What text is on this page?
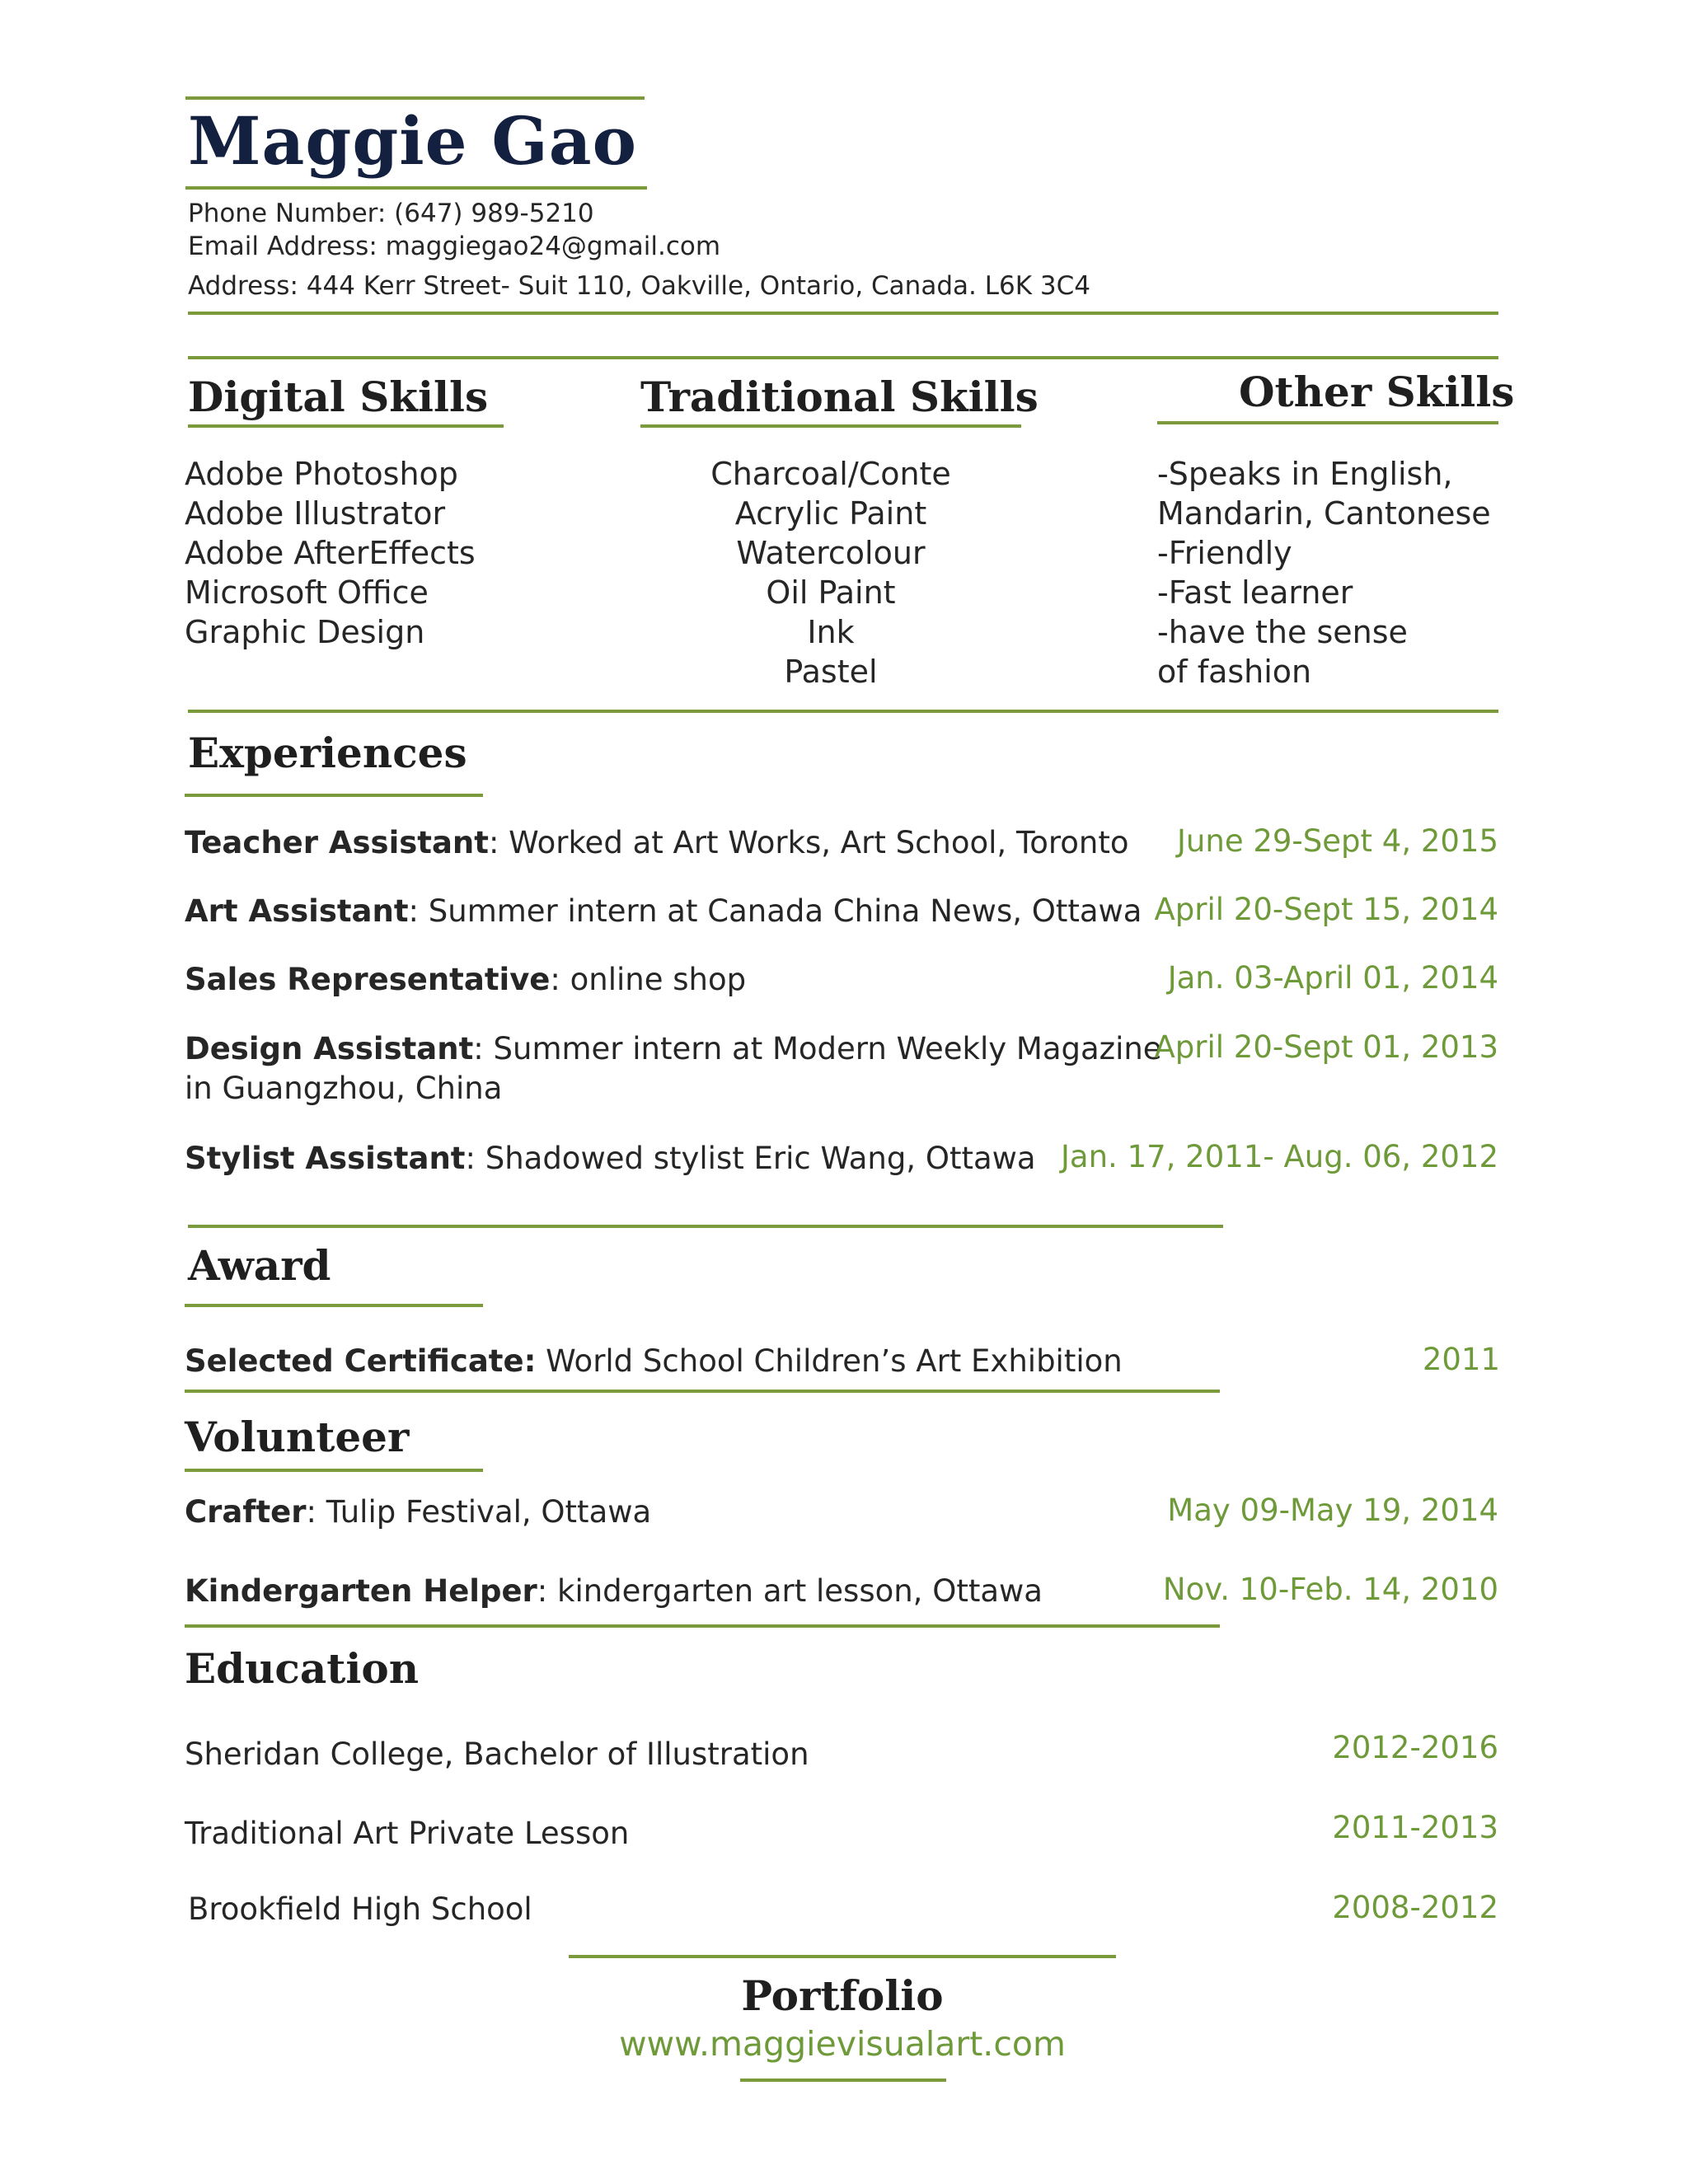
Maggie Gao
Phone Number: (647) 989-5210
Email Address: maggiegao24@gmail.com
Address: 444 Kerr Street- Suit 110, Oakville, Ontario, Canada. L6K 3C4
Digital Skills
Adobe Photoshop
Adobe Illustrator
Adobe AfterEffects
Microsoft Office
Graphic Design
Traditional Skills
Charcoal/Conte
Acrylic Paint
Watercolour
Oil Paint
Ink
Pastel
Other Skills
-Speaks in English,
Mandarin, Cantonese
-Friendly
-Fast learner
-have the sense
of fashion
Experiences
Teacher Assistant: Worked at Art Works, Art School, Toronto June 29-Sept 4, 2015
Art Assistant: Summer intern at Canada China News, Ottawa April 20-Sept 15, 2014
Sales Representative: online shop	Jan. 03-April 01, 2014
Design Assistant: Summer intern at Modern Weekly Magazine
in Guangzhou, China
April 20-Sept 01, 2013
Stylist Assistant: Shadowed stylist Eric Wang, Ottawa Jan. 17, 2011- Aug. 06, 2012
Award
Selected Certificate: World School Children’s Art Exhibition	2011
Volunteer
Crafter: Tulip Festival, Ottawa	May 09-May 19, 2014
Kindergarten Helper: kindergarten art lesson, Ottawa	Nov. 10-Feb. 14, 2010
Education
Sheridan College, Bachelor of Illustration	2012-2016
Traditional Art Private Lesson	2011-2013
Brookfield High School	2008-2012
Portfolio
www.maggievisualart.com
